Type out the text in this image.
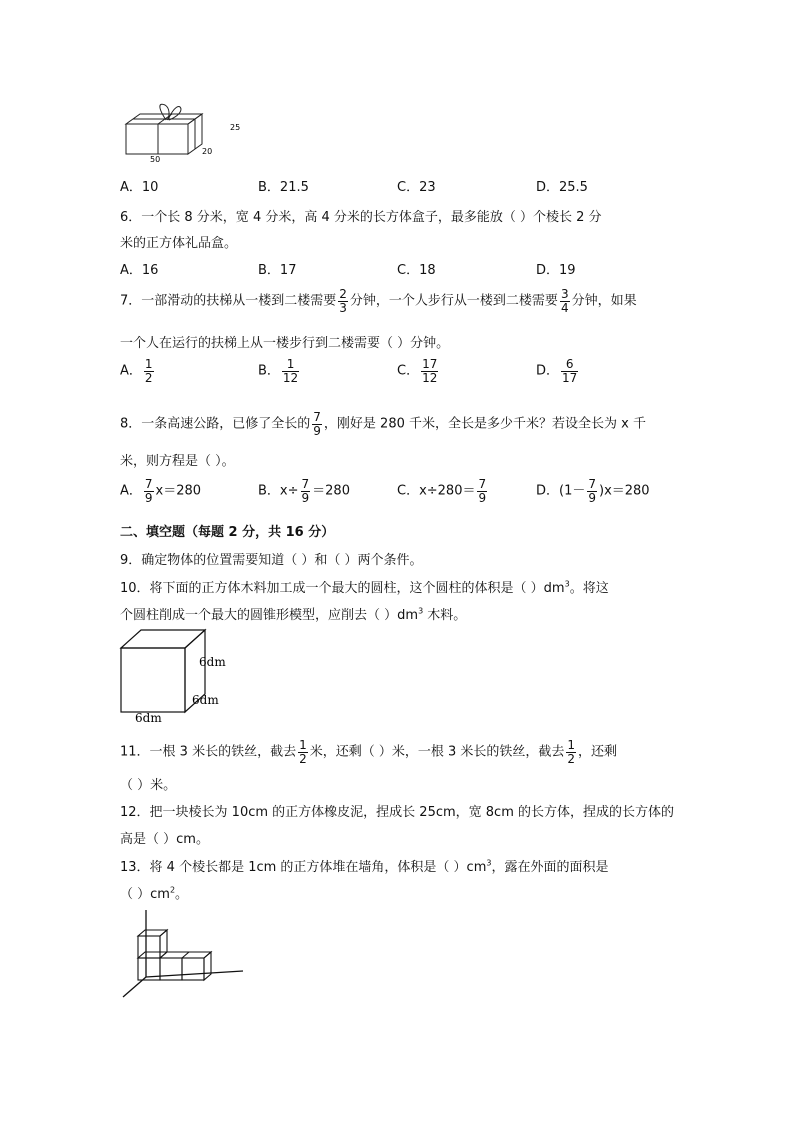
25
50
20
A．10	B．21.5	C．23	D．25.5
6．一个长 8 分米，宽 4 分米，高 4 分米的长方体盒子，最多能放（ ）个棱长 2 分
米的正方体礼品盒。
A．16	B．17	C．18	D．19
7．一部滑动的扶梯从一楼到二楼需要 $\frac{2}{3}$ 分钟，一个人步行从一楼到二楼需要 $\frac{3}{4}$ 分钟，如果
一个人在运行的扶梯上从一楼步行到二楼需要（ ）分钟。
A． $\frac{1}{2}$	B． $\frac{1}{12}$	C． $\frac{17}{12}$	D． $\frac{6}{17}$
8．一条高速公路，已修了全长的 $\frac{7}{9}$ ，刚好是 280 千米，全长是多少千米？若设全长为 x 千
米，则方程是（ ）。
A． $\frac{7}{9} x=280$	B．$x\div \frac{7}{9} =280$	C．$x\div 280= \frac{7}{9}$	D．$(1- \frac{7}{9} )x=280$
二、填空题（每题 2 分，共 16 分）
9．确定物体的位置需要知道（ ）和（ ）两个条件。
10．将下面的正方体木料加工成一个最大的圆柱，这个圆柱的体积是（ ）$dm^3$。将这
个圆柱削成一个最大的圆锥形模型，应削去（ ）$dm^3$ 木料。
6dm
6dm
6dm
11．一根 3 米长的铁丝，截去 $\frac{1}{2}$ 米，还剩（ ）米，一根 3 米长的铁丝，截去 $\frac{1}{2}$ ，还剩
（ ）米。
12．把一块棱长为 10cm 的正方体橡皮泥，捏成长 25cm，宽 8cm 的长方体，捏成的长方体的
高是（ ）cm。
13．将 4 个棱长都是 1cm 的正方体堆在墙角，体积是（ ）$cm^3$，露在外面的面积是
（ ）$cm^2$。
